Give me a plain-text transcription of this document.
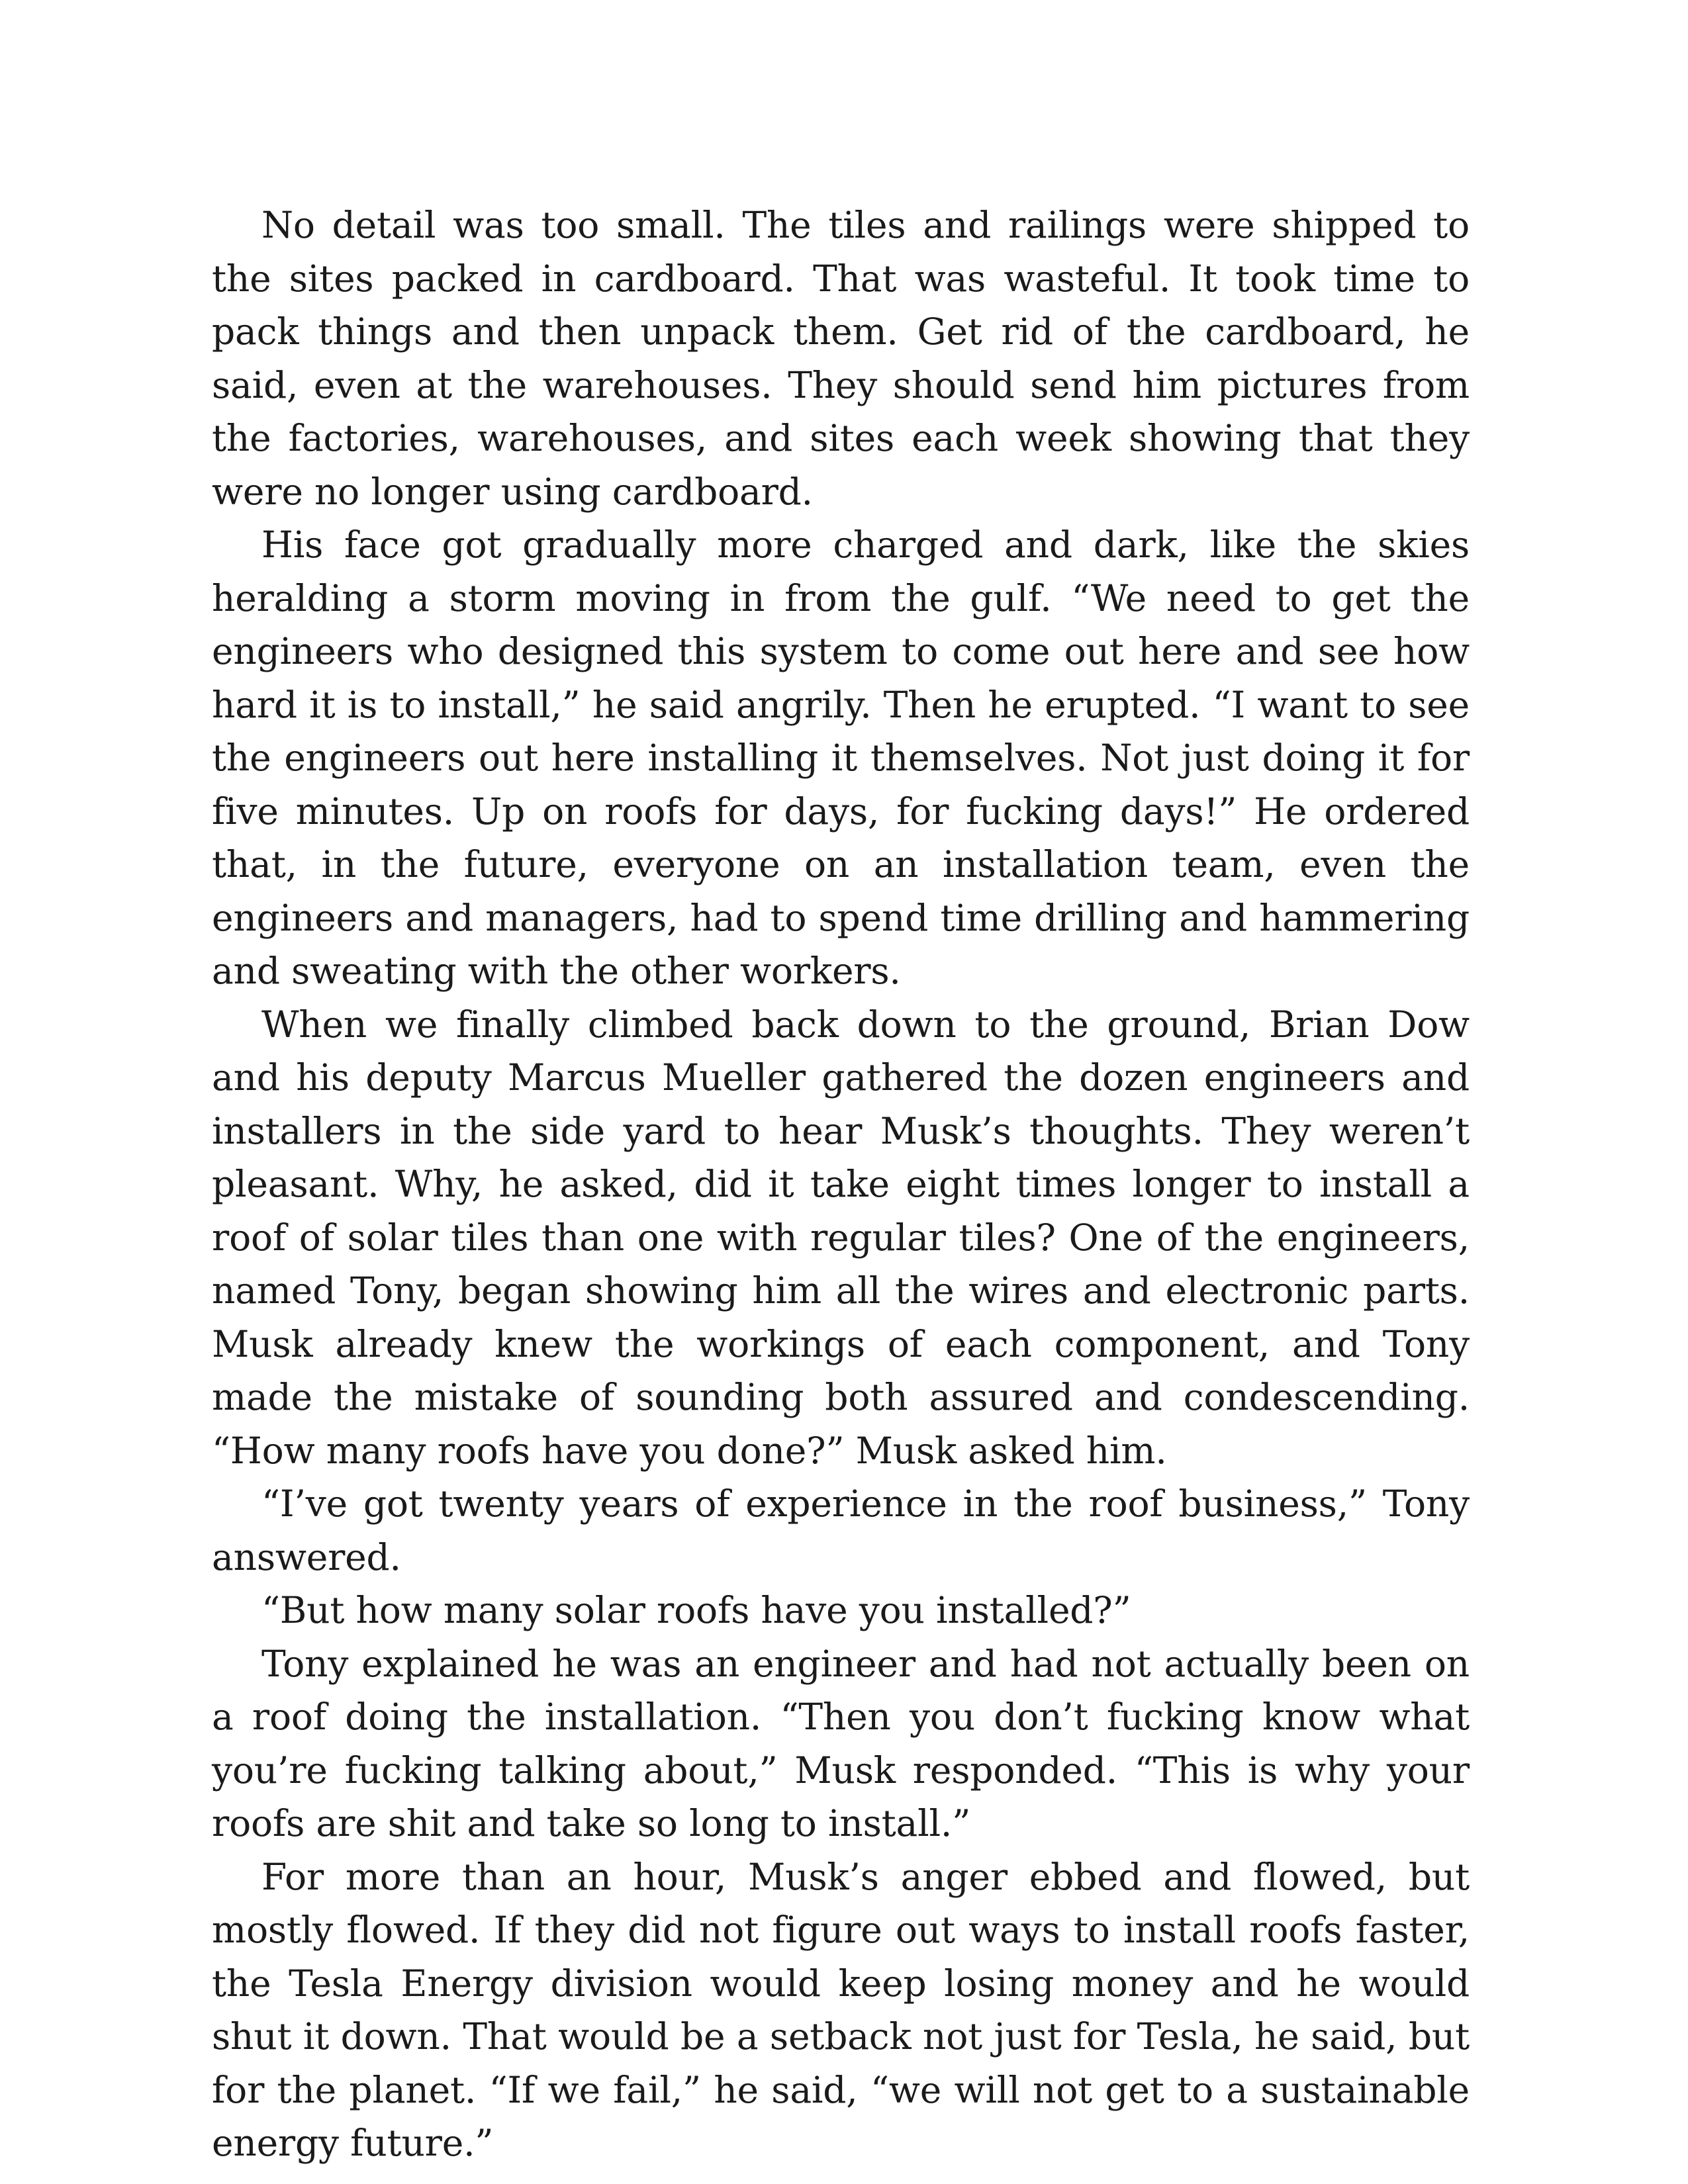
No detail was too small. The tiles and railings were shipped to the sites packed in cardboard. That was wasteful. It took time to pack things and then unpack them. Get rid of the cardboard, he said, even at the warehouses. They should send him pictures from the factories, warehouses, and sites each week showing that they were no longer using cardboard.

His face got gradually more charged and dark, like the skies heralding a storm moving in from the gulf. “We need to get the engineers who designed this system to come out here and see how hard it is to install,” he said angrily. Then he erupted. “I want to see the engineers out here installing it themselves. Not just doing it for five minutes. Up on roofs for days, for fucking days!” He ordered that, in the future, everyone on an installation team, even the engineers and managers, had to spend time drilling and hammering and sweating with the other workers.

When we finally climbed back down to the ground, Brian Dow and his deputy Marcus Mueller gathered the dozen engineers and installers in the side yard to hear Musk’s thoughts. They weren’t pleasant. Why, he asked, did it take eight times longer to install a roof of solar tiles than one with regular tiles? One of the engineers, named Tony, began showing him all the wires and electronic parts. Musk already knew the workings of each component, and Tony made the mistake of sounding both assured and condescending. “How many roofs have you done?” Musk asked him.

“I’ve got twenty years of experience in the roof business,” Tony answered.

“But how many solar roofs have you installed?”

Tony explained he was an engineer and had not actually been on a roof doing the installation. “Then you don’t fucking know what you’re fucking talking about,” Musk responded. “This is why your roofs are shit and take so long to install.”

For more than an hour, Musk’s anger ebbed and flowed, but mostly flowed. If they did not figure out ways to install roofs faster, the Tesla Energy division would keep losing money and he would shut it down. That would be a setback not just for Tesla, he said, but for the planet. “If we fail,” he said, “we will not get to a sustainable energy future.”
